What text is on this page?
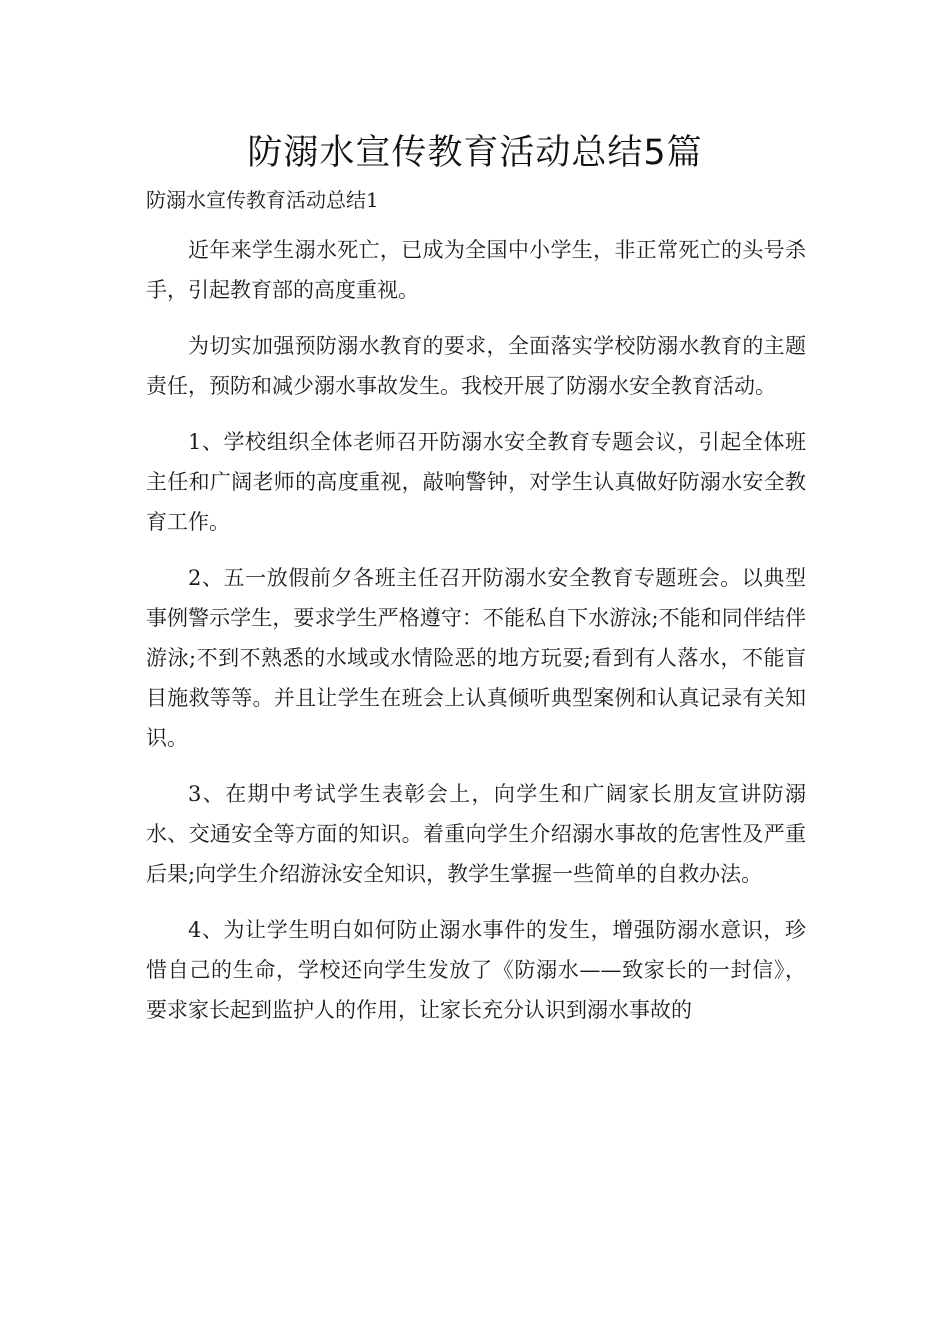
防溺水宣传教育活动总结5篇

防溺水宣传教育活动总结1

近年来学生溺水死亡，已成为全国中小学生，非正常死亡的头号杀手，引起教育部的高度重视。

为切实加强预防溺水教育的要求，全面落实学校防溺水教育的主题责任，预防和减少溺水事故发生。我校开展了防溺水安全教育活动。

1、学校组织全体老师召开防溺水安全教育专题会议，引起全体班主任和广阔老师的高度重视，敲响警钟，对学生认真做好防溺水安全教育工作。

2、五一放假前夕各班主任召开防溺水安全教育专题班会。以典型事例警示学生，要求学生严格遵守：不能私自下水游泳;不能和同伴结伴游泳;不到不熟悉的水域或水情险恶的地方玩耍;看到有人落水，不能盲目施救等等。并且让学生在班会上认真倾听典型案例和认真记录有关知识。

3、在期中考试学生表彰会上，向学生和广阔家长朋友宣讲防溺水、交通安全等方面的知识。着重向学生介绍溺水事故的危害性及严重后果;向学生介绍游泳安全知识，教学生掌握一些简单的自救办法。

4、为让学生明白如何防止溺水事件的发生，增强防溺水意识，珍惜自己的生命，学校还向学生发放了《防溺水——致家长的一封信》，要求家长起到监护人的作用，让家长充分认识到溺水事故的
